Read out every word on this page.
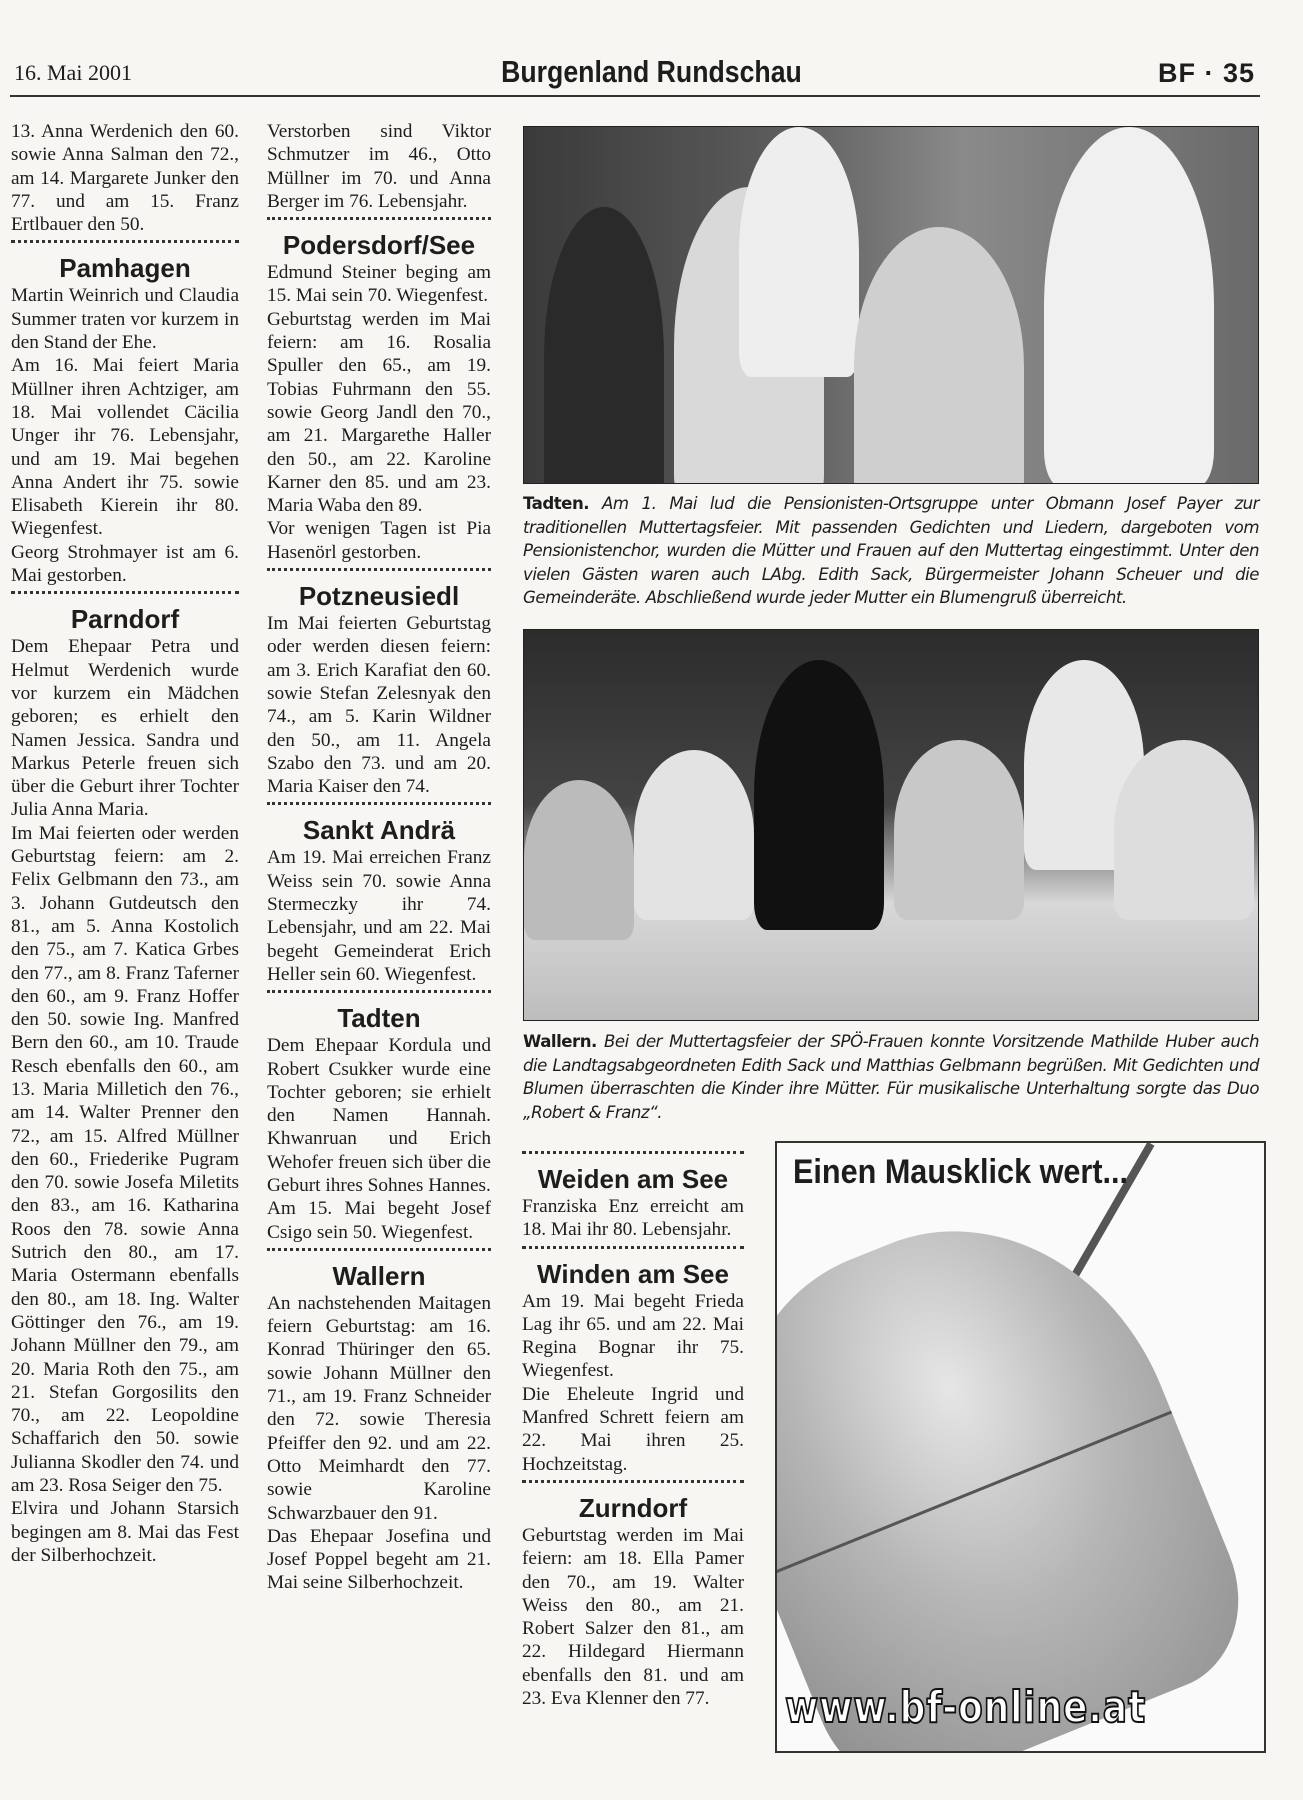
16. Mai 2001	Burgenland Rundschau	BF · 35

13. Anna Werdenich den 60. sowie Anna Salman den 72., am 14. Margarete Junker den 77. und am 15. Franz Ertlbauer den 50.

Pamhagen

Martin Weinrich und Claudia Summer traten vor kurzem in den Stand der Ehe.

Am 16. Mai feiert Maria Müllner ihren Achtziger, am 18. Mai vollendet Cäcilia Unger ihr 76. Lebensjahr, und am 19. Mai begehen Anna Andert ihr 75. sowie Elisabeth Kierein ihr 80. Wiegenfest.

Georg Strohmayer ist am 6. Mai gestorben.

Parndorf

Dem Ehepaar Petra und Helmut Werdenich wurde vor kurzem ein Mädchen geboren; es erhielt den Namen Jessica. Sandra und Markus Peterle freuen sich über die Geburt ihrer Tochter Julia Anna Maria.

Im Mai feierten oder werden Geburtstag feiern: am 2. Felix Gelbmann den 73., am 3. Johann Gutdeutsch den 81., am 5. Anna Kostolich den 75., am 7. Katica Grbes den 77., am 8. Franz Taferner den 60., am 9. Franz Hoffer den 50. sowie Ing. Manfred Bern den 60., am 10. Traude Resch ebenfalls den 60., am 13. Maria Milletich den 76., am 14. Walter Prenner den 72., am 15. Alfred Müllner den 60., Friederike Pugram den 70. sowie Josefa Miletits den 83., am 16. Katharina Roos den 78. sowie Anna Sutrich den 80., am 17. Maria Ostermann ebenfalls den 80., am 18. Ing. Walter Göttinger den 76., am 19. Johann Müllner den 79., am 20. Maria Roth den 75., am 21. Stefan Gorgosilits den 70., am 22. Leopoldine Schaffarich den 50. sowie Julianna Skodler den 74. und am 23. Rosa Seiger den 75.

Elvira und Johann Starsich begingen am 8. Mai das Fest der Silberhochzeit.

Verstorben sind Viktor Schmutzer im 46., Otto Müllner im 70. und Anna Berger im 76. Lebensjahr.

Podersdorf/See

Edmund Steiner beging am 15. Mai sein 70. Wiegenfest.

Geburtstag werden im Mai feiern: am 16. Rosalia Spuller den 65., am 19. Tobias Fuhrmann den 55. sowie Georg Jandl den 70., am 21. Margarethe Haller den 50., am 22. Karoline Karner den 85. und am 23. Maria Waba den 89.

Vor wenigen Tagen ist Pia Hasenörl gestorben.

Potzneusiedl

Im Mai feierten Geburtstag oder werden diesen feiern: am 3. Erich Karafiat den 60. sowie Stefan Zelesnyak den 74., am 5. Karin Wildner den 50., am 11. Angela Szabo den 73. und am 20. Maria Kaiser den 74.

Sankt Andrä

Am 19. Mai erreichen Franz Weiss sein 70. sowie Anna Stermeczky ihr 74. Lebensjahr, und am 22. Mai begeht Gemeinderat Erich Heller sein 60. Wiegenfest.

Tadten

Dem Ehepaar Kordula und Robert Csukker wurde eine Tochter geboren; sie erhielt den Namen Hannah. Khwanruan und Erich Wehofer freuen sich über die Geburt ihres Sohnes Hannes.

Am 15. Mai begeht Josef Csigo sein 50. Wiegenfest.

Wallern

An nachstehenden Maitagen feiern Geburtstag: am 16. Konrad Thüringer den 65. sowie Johann Müllner den 71., am 19. Franz Schneider den 72. sowie Theresia Pfeiffer den 92. und am 22. Otto Meimhardt den 77. sowie Karoline Schwarzbauer den 91.

Das Ehepaar Josefina und Josef Poppel begeht am 21. Mai seine Silberhochzeit.

Weiden am See

Franziska Enz erreicht am 18. Mai ihr 80. Lebensjahr.

Winden am See

Am 19. Mai begeht Frieda Lag ihr 65. und am 22. Mai Regina Bognar ihr 75. Wiegenfest.

Die Eheleute Ingrid und Manfred Schrett feiern am 22. Mai ihren 25. Hochzeitstag.

Zurndorf

Geburtstag werden im Mai feiern: am 18. Ella Pamer den 70., am 19. Walter Weiss den 80., am 21. Robert Salzer den 81., am 22. Hildegard Hiermann ebenfalls den 81. und am 23. Eva Klenner den 77.

Tadten. Am 1. Mai lud die Pensionisten-Ortsgruppe unter Obmann Josef Payer zur traditionellen Muttertagsfeier. Mit passenden Gedichten und Liedern, dargeboten vom Pensionistenchor, wurden die Mütter und Frauen auf den Muttertag eingestimmt. Unter den vielen Gästen waren auch LAbg. Edith Sack, Bürgermeister Johann Scheuer und die Gemeinderäte. Abschließend wurde jeder Mutter ein Blumengruß überreicht.
Wallern. Bei der Muttertagsfeier der SPÖ-Frauen konnte Vorsitzende Mathilde Huber auch die Landtagsabgeordneten Edith Sack und Matthias Gelbmann begrüßen. Mit Gedichten und Blumen überraschten die Kinder ihre Mütter. Für musikalische Unterhaltung sorgte das Duo „Robert & Franz“.
Einen Mausklick wert...
www.bf-online.at
